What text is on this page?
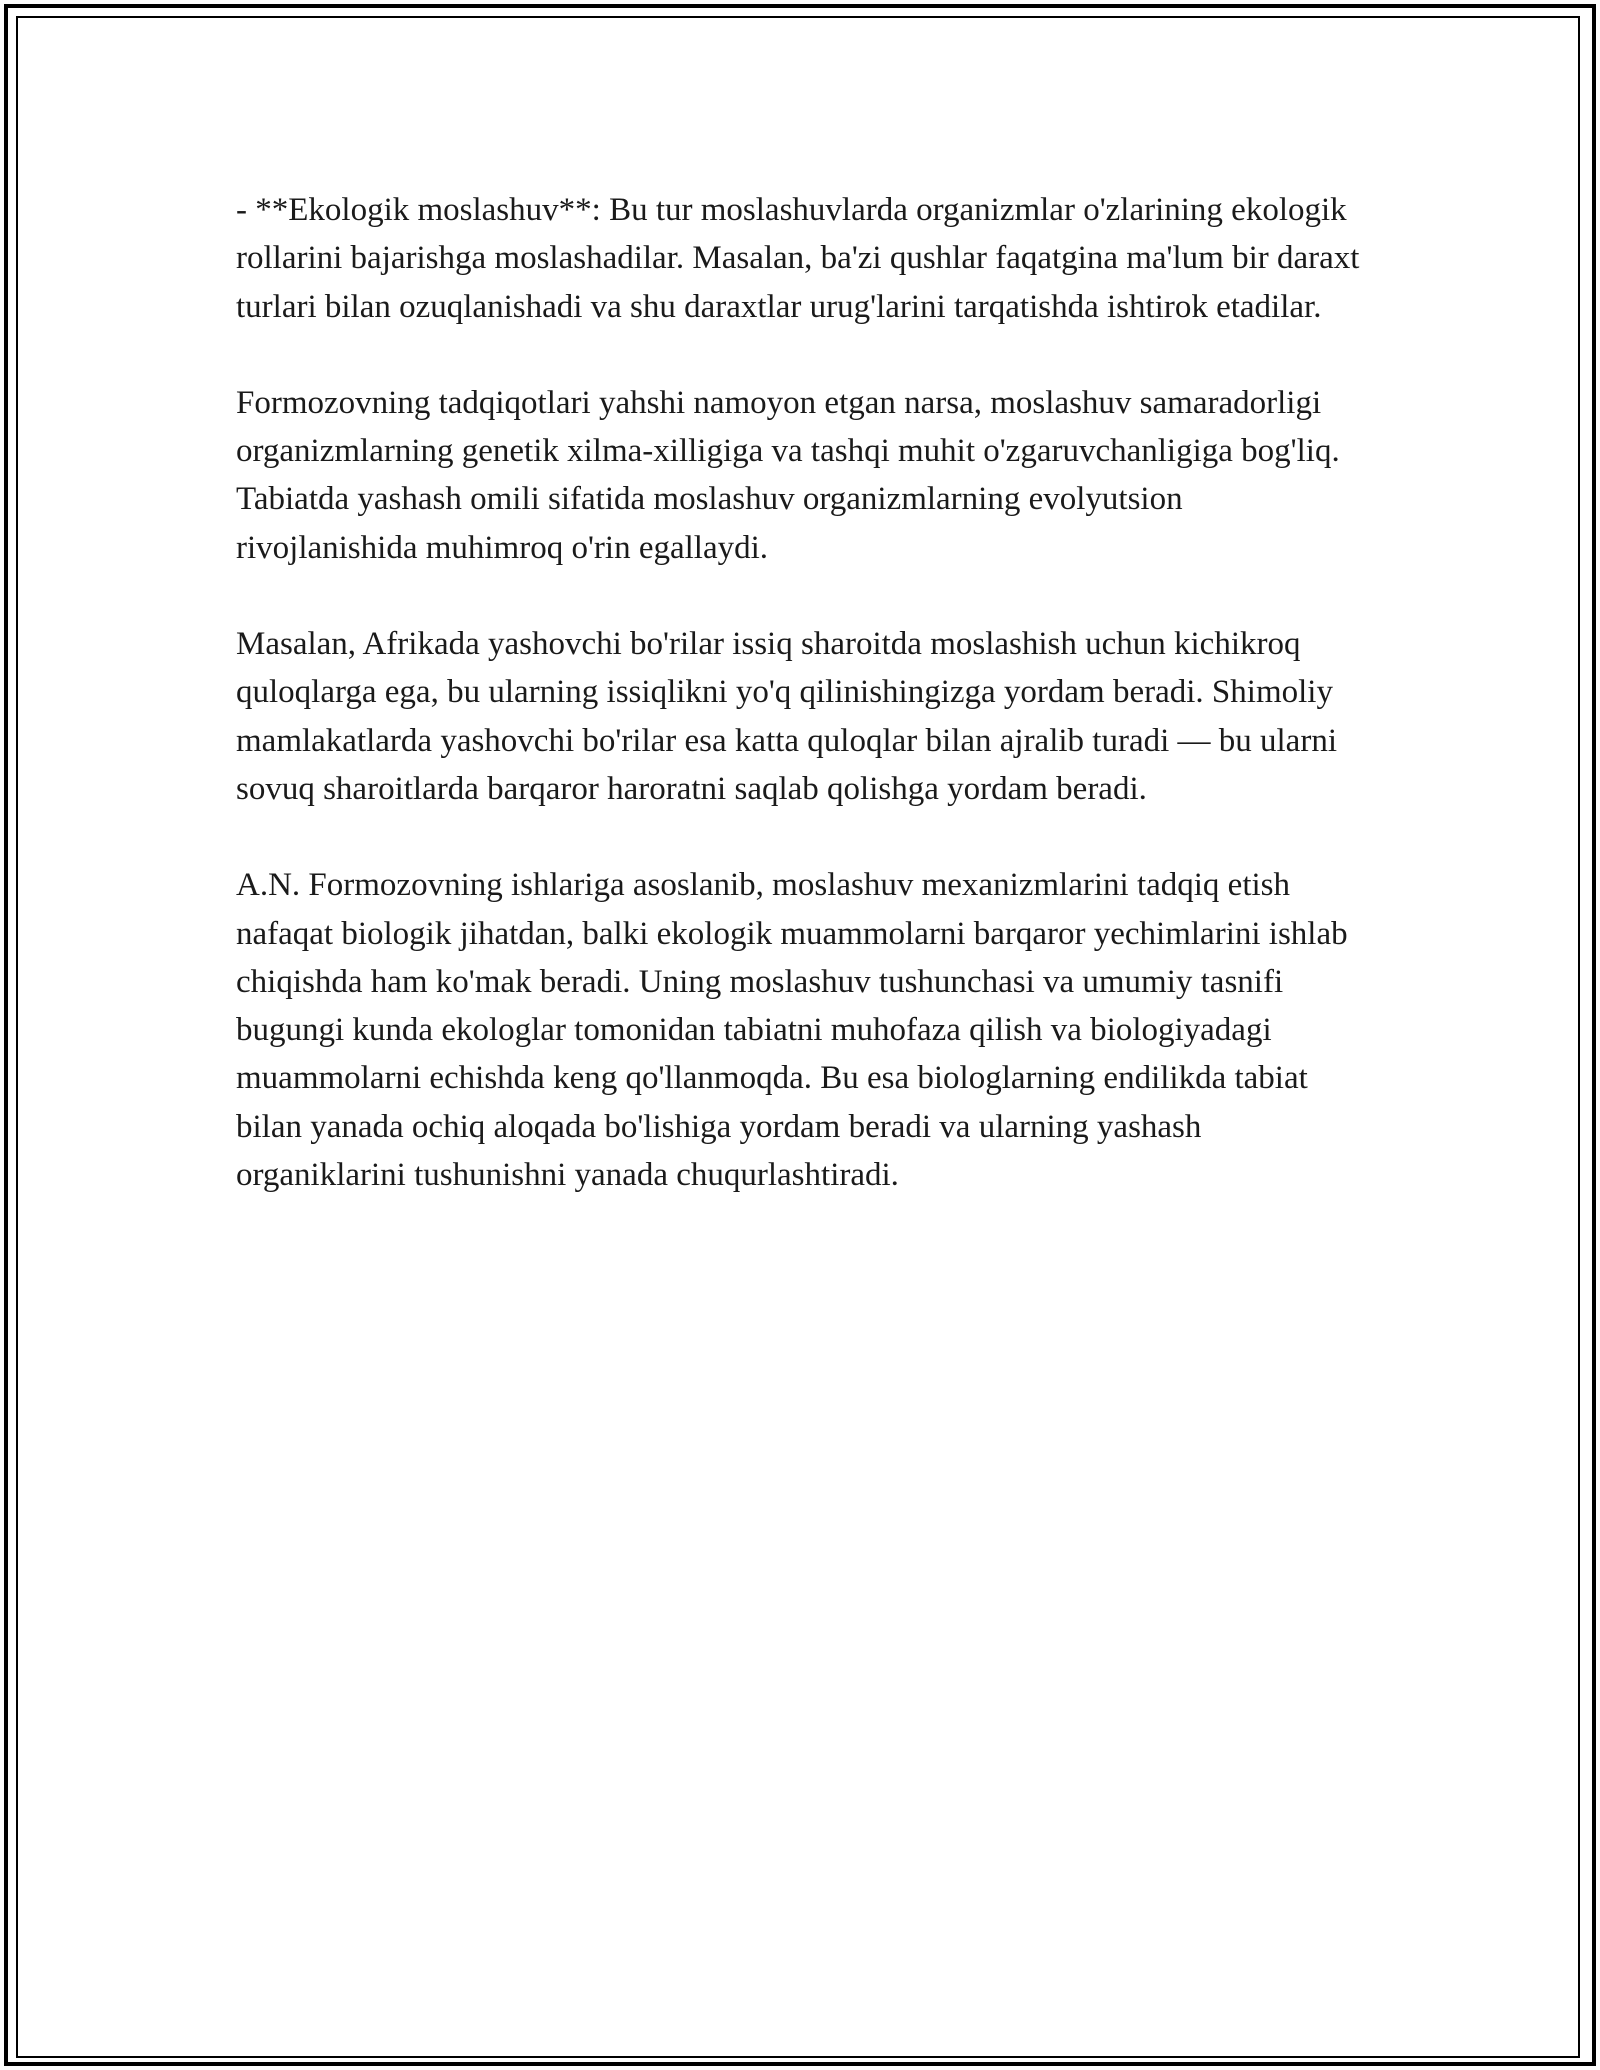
- **Ekologik moslashuv**: Bu tur moslashuvlarda organizmlar o'zlarining ekologik rollarini bajarishga moslashadilar. Masalan, ba'zi qushlar faqatgina ma'lum bir daraxt turlari bilan ozuqlanishadi va shu daraxtlar urug'larini tarqatishda ishtirok etadilar.

Formozovning tadqiqotlari yahshi namoyon etgan narsa, moslashuv samaradorligi organizmlarning genetik xilma-xilligiga va tashqi muhit o'zgaruvchanligiga bog'liq. Tabiatda yashash omili sifatida moslashuv organizmlarning evolyutsion rivojlanishida muhimroq o'rin egallaydi.

Masalan, Afrikada yashovchi bo'rilar issiq sharoitda moslashish uchun kichikroq quloqlarga ega, bu ularning issiqlikni yo'q qilinishingizga yordam beradi. Shimoliy mamlakatlarda yashovchi bo'rilar esa katta quloqlar bilan ajralib turadi — bu ularni sovuq sharoitlarda barqaror haroratni saqlab qolishga yordam beradi.

A.N. Formozovning ishlariga asoslanib, moslashuv mexanizmlarini tadqiq etish nafaqat biologik jihatdan, balki ekologik muammolarni barqaror yechimlarini ishlab chiqishda ham ko'mak beradi. Uning moslashuv tushunchasi va umumiy tasnifi bugungi kunda ekologlar tomonidan tabiatni muhofaza qilish va biologiyadagi muammolarni echishda keng qo'llanmoqda. Bu esa biologlarning endilikda tabiat bilan yanada ochiq aloqada bo'lishiga yordam beradi va ularning yashash organiklarini tushunishni yanada chuqurlashtiradi.
